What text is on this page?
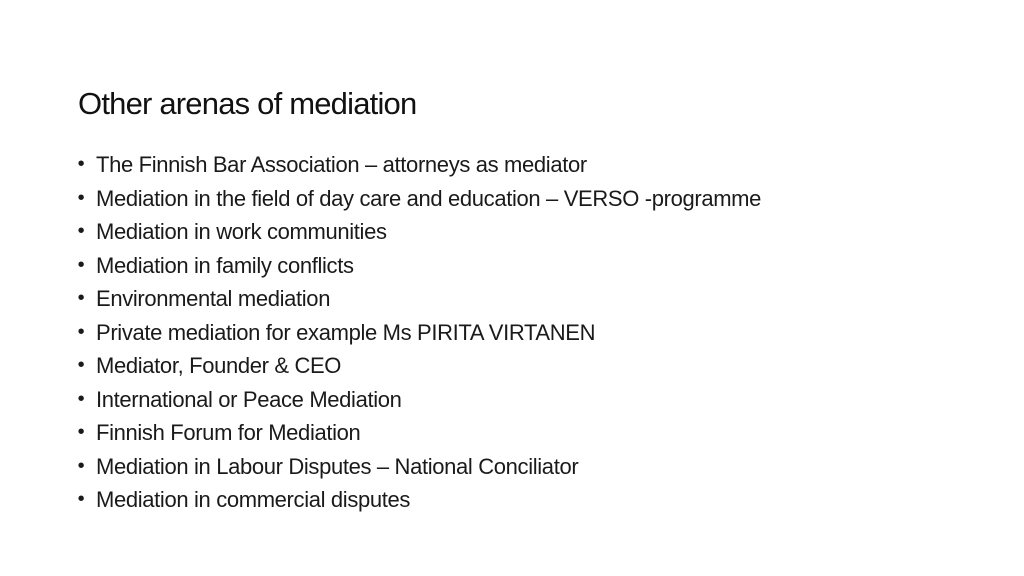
Other arenas of mediation
• The Finnish Bar Association – attorneys as mediator
• Mediation in the field of day care and education – VERSO -programme
• Mediation in work communities
• Mediation in family conflicts
• Environmental mediation
• Private mediation for example Ms PIRITA VIRTANEN
• Mediator, Founder & CEO
• International or Peace Mediation
• Finnish Forum for Mediation
• Mediation in Labour Disputes – National Conciliator
• Mediation in commercial disputes
